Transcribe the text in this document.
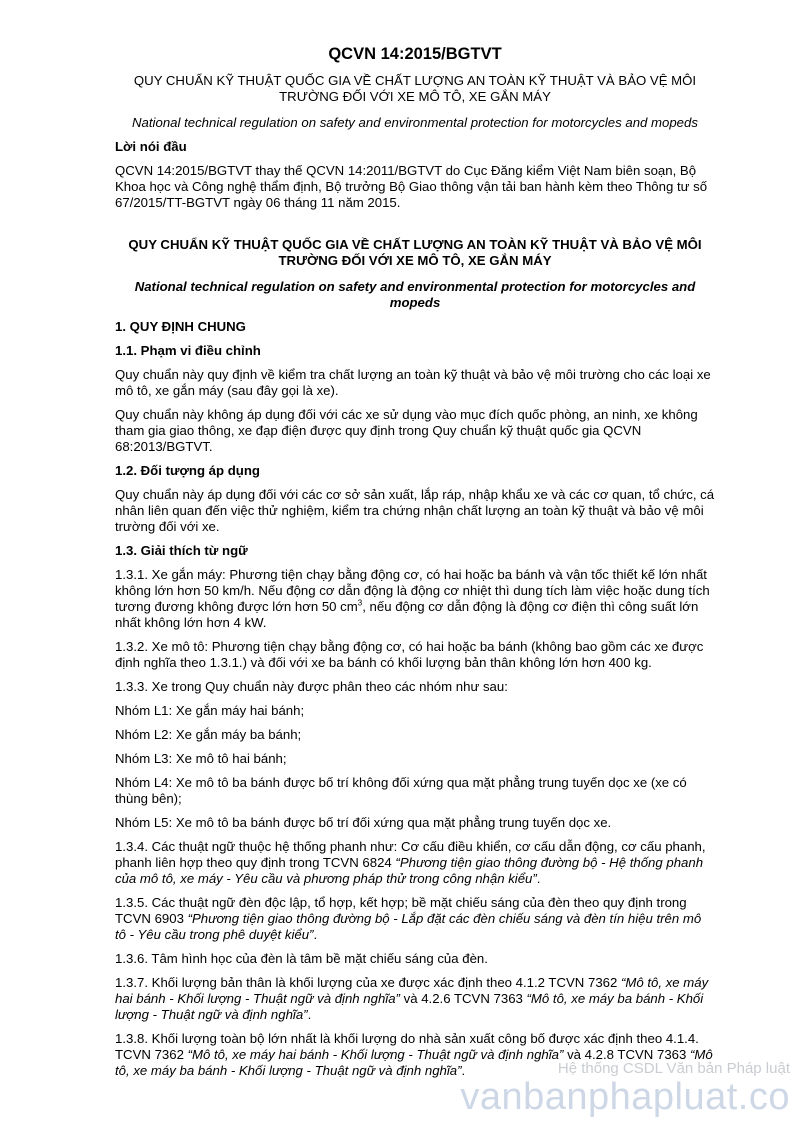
QCVN 14:2015/BGTVT
QUY CHUẨN KỸ THUẬT QUỐC GIA VỀ CHẤT LƯỢNG AN TOÀN KỸ THUẬT VÀ BẢO VỆ MÔI TRƯỜNG ĐỐI VỚI XE MÔ TÔ, XE GẮN MÁY

National technical regulation on safety and environmental protection for motorcycles and mopeds

Lời nói đầu

QCVN 14:2015/BGTVT thay thế QCVN 14:2011/BGTVT do Cục Đăng kiểm Việt Nam biên soạn, Bộ Khoa học và Công nghệ thẩm định, Bộ trưởng Bộ Giao thông vận tải ban hành kèm theo Thông tư số 67/2015/TT-BGTVT ngày 06 tháng 11 năm 2015.

QUY CHUẨN KỸ THUẬT QUỐC GIA VỀ CHẤT LƯỢNG AN TOÀN KỸ THUẬT VÀ BẢO VỆ MÔI TRƯỜNG ĐỐI VỚI XE MÔ TÔ, XE GẮN MÁY

National technical regulation on safety and environmental protection for motorcycles and mopeds

1. QUY ĐỊNH CHUNG
1.1. Phạm vi điều chỉnh

Quy chuẩn này quy định về kiểm tra chất lượng an toàn kỹ thuật và bảo vệ môi trường cho các loại xe mô tô, xe gắn máy (sau đây gọi là xe).

Quy chuẩn này không áp dụng đối với các xe sử dụng vào mục đích quốc phòng, an ninh, xe không tham gia giao thông, xe đạp điện được quy định trong Quy chuẩn kỹ thuật quốc gia QCVN 68:2013/BGTVT.

1.2. Đối tượng áp dụng

Quy chuẩn này áp dụng đối với các cơ sở sản xuất, lắp ráp, nhập khẩu xe và các cơ quan, tổ chức, cá nhân liên quan đến việc thử nghiệm, kiểm tra chứng nhận chất lượng an toàn kỹ thuật và bảo vệ môi trường đối với xe.

1.3. Giải thích từ ngữ

1.3.1. Xe gắn máy: Phương tiện chạy bằng động cơ, có hai hoặc ba bánh và vận tốc thiết kế lớn nhất không lớn hơn 50 km/h. Nếu động cơ dẫn động là động cơ nhiệt thì dung tích làm việc hoặc dung tích tương đương không được lớn hơn 50 $cm^3$, nếu động cơ dẫn động là động cơ điện thì công suất lớn nhất không lớn hơn 4 kW.

1.3.2. Xe mô tô: Phương tiện chạy bằng động cơ, có hai hoặc ba bánh (không bao gồm các xe được định nghĩa theo 1.3.1.) và đối với xe ba bánh có khối lượng bản thân không lớn hơn 400 kg.

1.3.3. Xe trong Quy chuẩn này được phân theo các nhóm như sau:

Nhóm L1: Xe gắn máy hai bánh;

Nhóm L2: Xe gắn máy ba bánh;

Nhóm L3: Xe mô tô hai bánh;

Nhóm L4: Xe mô tô ba bánh được bố trí không đối xứng qua mặt phẳng trung tuyến dọc xe (xe có thùng bên);

Nhóm L5: Xe mô tô ba bánh được bố trí đối xứng qua mặt phẳng trung tuyến dọc xe.

1.3.4. Các thuật ngữ thuộc hệ thống phanh như: Cơ cấu điều khiển, cơ cấu dẫn động, cơ cấu phanh, phanh liên hợp theo quy định trong TCVN 6824 “Phương tiện giao thông đường bộ - Hệ thống phanh của mô tô, xe máy - Yêu cầu và phương pháp thử trong công nhận kiểu”.

1.3.5. Các thuật ngữ đèn độc lập, tổ hợp, kết hợp; bề mặt chiếu sáng của đèn theo quy định trong TCVN 6903 “Phương tiện giao thông đường bộ - Lắp đặt các đèn chiếu sáng và đèn tín hiệu trên mô tô - Yêu cầu trong phê duyệt kiểu”.

1.3.6. Tâm hình học của đèn là tâm bề mặt chiếu sáng của đèn.

1.3.7. Khối lượng bản thân là khối lượng của xe được xác định theo 4.1.2 TCVN 7362 “Mô tô, xe máy hai bánh - Khối lượng - Thuật ngữ và định nghĩa” và 4.2.6 TCVN 7363 “Mô tô, xe máy ba bánh - Khối lượng - Thuật ngữ và định nghĩa”.

1.3.8. Khối lượng toàn bộ lớn nhất là khối lượng do nhà sản xuất công bố được xác định theo 4.1.4. TCVN 7362 “Mô tô, xe máy hai bánh - Khối lượng - Thuật ngữ và định nghĩa” và 4.2.8 TCVN 7363 “Mô tô, xe máy ba bánh - Khối lượng - Thuật ngữ và định nghĩa”.	Hệ thống CSDL Văn bản Pháp luật
vanbanphapluat.co
